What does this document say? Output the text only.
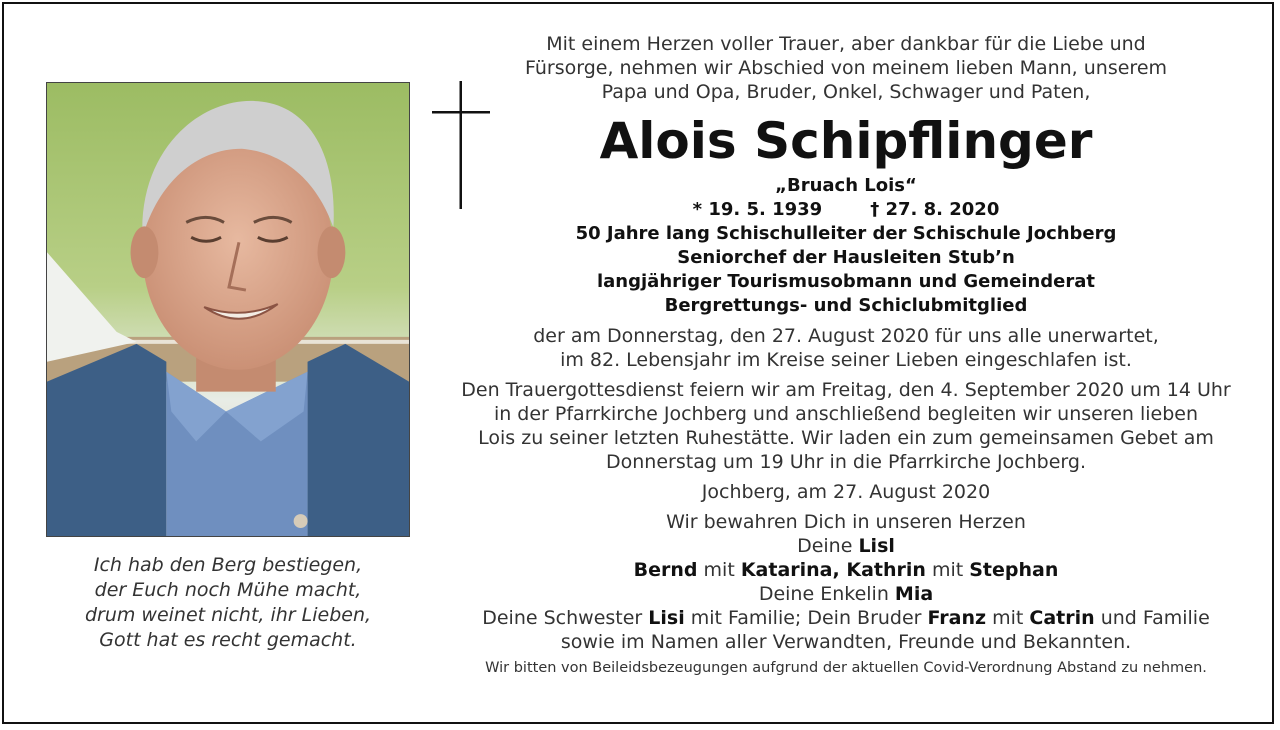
Ich hab den Berg bestiegen,
der Euch noch Mühe macht,
drum weinet nicht, ihr Lieben,
Gott hat es recht gemacht.
Mit einem Herzen voller Trauer, aber dankbar für die Liebe und
Fürsorge, nehmen wir Abschied von meinem lieben Mann, unserem
Papa und Opa, Bruder, Onkel, Schwager und Paten,
Alois Schipflinger
„Bruach Lois“
* 19. 5. 1939	† 27. 8. 2020
50 Jahre lang Schischulleiter der Schischule Jochberg
Seniorchef der Hausleiten Stub’n
langjähriger Tourismusobmann und Gemeinderat
Bergrettungs- und Schiclubmitglied
der am Donnerstag, den 27. August 2020 für uns alle unerwartet,
im 82. Lebensjahr im Kreise seiner Lieben eingeschlafen ist.
Den Trauergottesdienst feiern wir am Freitag, den 4. September 2020 um 14 Uhr
in der Pfarrkirche Jochberg und anschließend begleiten wir unseren lieben
Lois zu seiner letzten Ruhestätte. Wir laden ein zum gemeinsamen Gebet am
Donnerstag um 19 Uhr in die Pfarrkirche Jochberg.
Jochberg, am 27. August 2020
Wir bewahren Dich in unseren Herzen
Deine Lisl
Bernd mit Katarina, Kathrin mit Stephan
Deine Enkelin Mia
Deine Schwester Lisi mit Familie; Dein Bruder Franz mit Catrin und Familie
sowie im Namen aller Verwandten, Freunde und Bekannten.
Wir bitten von Beileidsbezeugungen aufgrund der aktuellen Covid-Verordnung Abstand zu nehmen.
